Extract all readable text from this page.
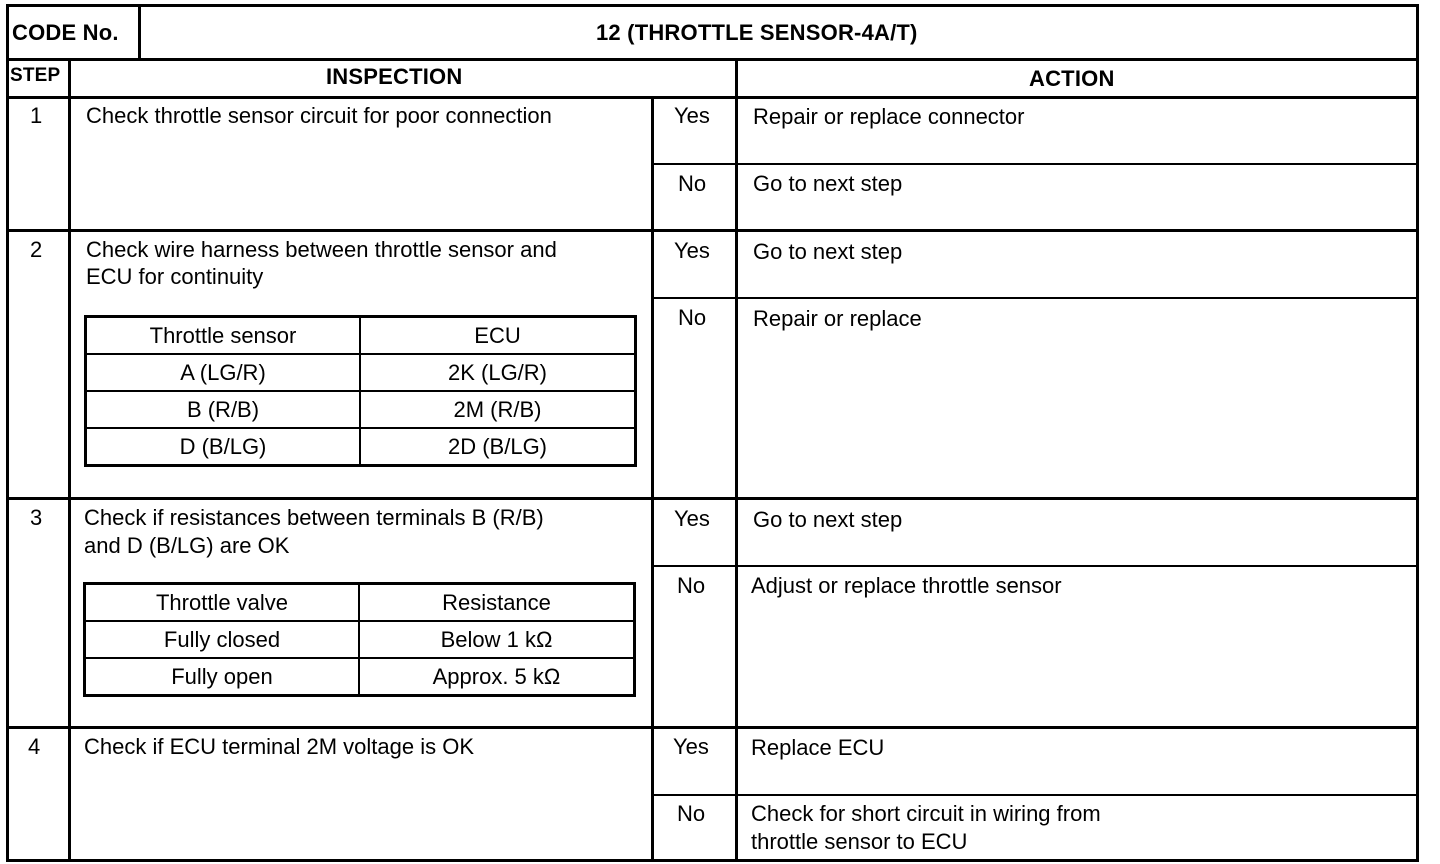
CODE No.	12 (THROTTLE SENSOR-4A/T)
STEP	INSPECTION	ACTION
1 Check throttle sensor circuit for poor connection	Yes Repair or replace connector
No Go to next step
2 Check wire harness between throttle sensor and
ECU for continuity
Throttle sensor	ECU
A (LG/R)	2K (LG/R)
B (R/B)	2M (R/B)
D (B/LG)	2D (B/LG)
Yes Go to next step
No Repair or replace
3 Check if resistances between terminals B (R/B)
and D (B/LG) are OK
Throttle valve	Resistance
Fully closed	Below 1 kΩ
Fully open	Approx. 5 kΩ
Yes Go to next step
No Adjust or replace throttle sensor
4 Check if ECU terminal 2M voltage is OK	Yes Replace ECU
No Check for short circuit in wiring from
throttle sensor to ECU
